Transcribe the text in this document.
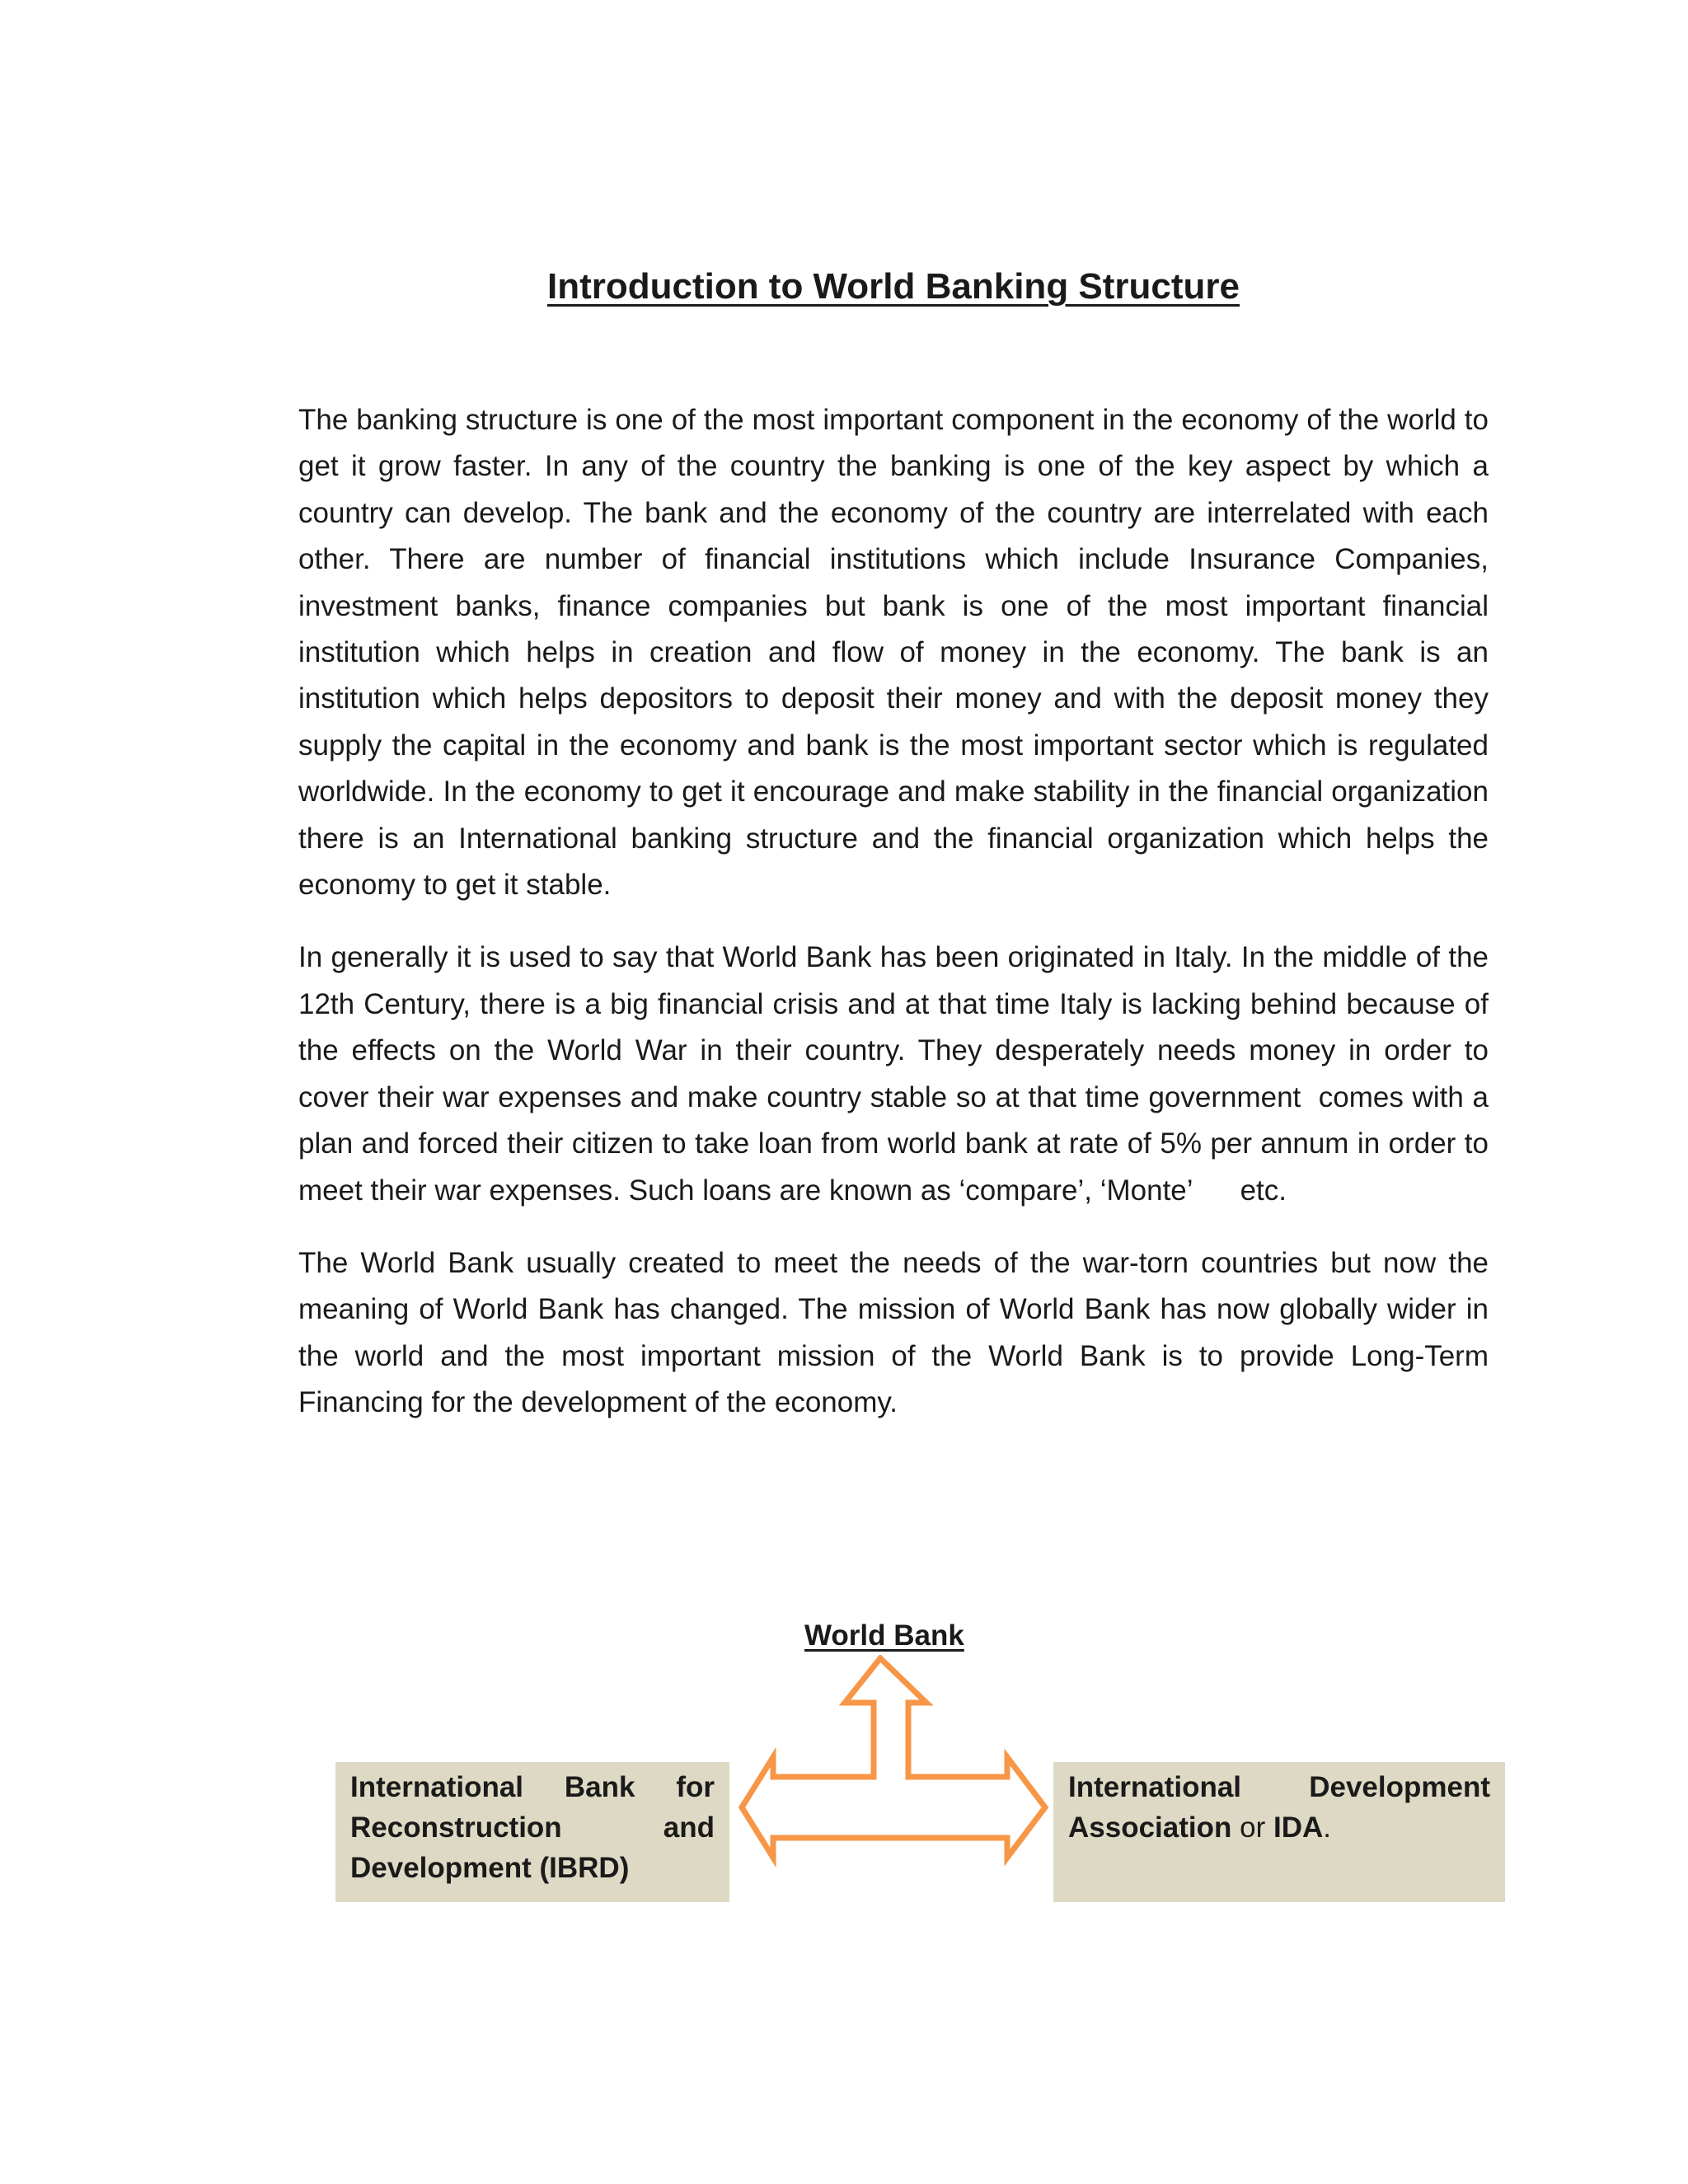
Introduction to World Banking Structure

The banking structure is one of the most important component in the economy of the world to get it grow faster. In any of the country the banking is one of the key aspect by which a country can develop. The bank and the economy of the country are interrelated with each other. There are number of financial institutions which include Insurance Companies, investment banks, finance companies but bank is one of the most important financial institution which helps in creation and flow of money in the economy. The bank is an institution which helps depositors to deposit their money and with the deposit money they supply the capital in the economy and bank is the most important sector which is regulated worldwide. In the economy to get it encourage and make stability in the financial organization there is an International banking structure and the financial organization which helps the economy to get it stable.

In generally it is used to say that World Bank has been originated in Italy. In the middle of the 12th Century, there is a big financial crisis and at that time Italy is lacking behind because of the effects on the World War in their country. They desperately needs money in order to cover their war expenses and make country stable so at that time government  comes with a plan and forced their citizen to take loan from world bank at rate of 5% per annum in order to meet their war expenses. Such loans are known as ‘compare’, ‘Monte’      etc.

The World Bank usually created to meet the needs of the war-torn countries but now the meaning of World Bank has changed. The mission of World Bank has now globally wider in the world and the most important mission of the World Bank is to provide Long-Term Financing for the development of the economy.

World Bank
International Bank for
Reconstruction and
Development (IBRD)
International Development
Association or IDA.
